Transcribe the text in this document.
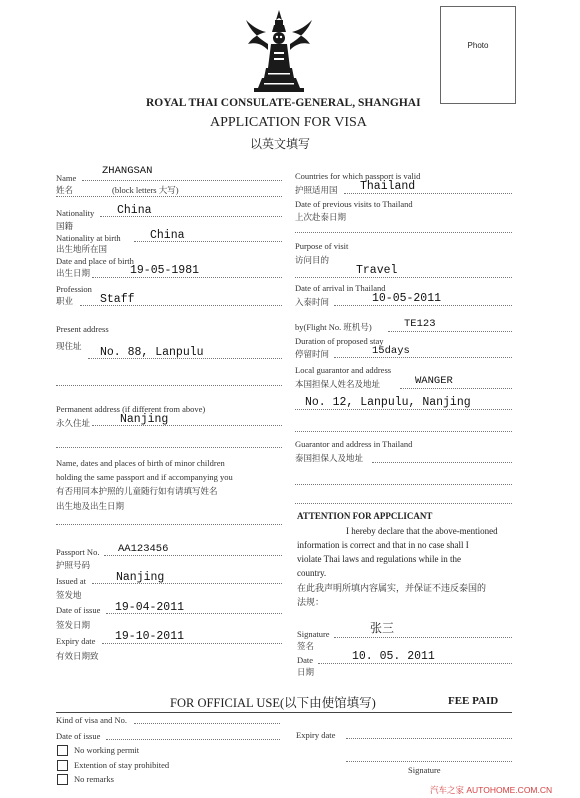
Photo
ROYAL THAI CONSULATE-GENERAL, SHANGHAI
APPLICATION FOR VISA
以英文填写
Name
ZHANGSAN
姓名	(block letters 大写)
Nationality China
国籍
Nationality at birth	China
出生地所在国
Date and place of birth
出生日期	19-05-1981
Profession
职业 Staff
Present address
现住址 No. 88, Lanpulu
Permanent address (if different from above)
Nanjing
永久住址
Name, dates and places of birth of minor children
holding the same passport and if accompanying you
有否用同本护照的儿童随行如有请填写姓名
出生地及出生日期
Passport No. AA123456
护照号码
Issued at	Nanjing
签发地
Date of issue 19-04-2011
签发日期
Expiry date 19-10-2011
有效日期致
Countries for which passport is valid
护照适用国 Thailand
Date of previous visits to Thailand
上次赴泰日期
Purpose of visit
访问目的
Travel
Date of arrival in Thailand
入泰时间	10-05-2011
by(Flight No. 班机号)	TE123
Duration of proposed stay
停留时间	15days
Local guarantor and address
本国担保人姓名及地址	WANGER
No. 12, Lanpulu, Nanjing
Guarantor and address in Thailand
泰国担保人及地址
ATTENTION FOR APPCLICANT
I hereby declare that the above-mentioned
information is correct and that in no case shall I
violate Thai laws and regulations while in the
country.
在此我声明所填内容属实，并保证不违反泰国的
法规：
Signature	张三
签名
Date	10. 05. 2011
日期
FOR OFFICIAL USE(以下由使馆填写)	FEE PAID
Kind of visa and No.
Date of issue	Expiry date
No working permit
Extention of stay prohibited
No remarks
Signature
汽车之家 AUTOHOME.COM.CN
